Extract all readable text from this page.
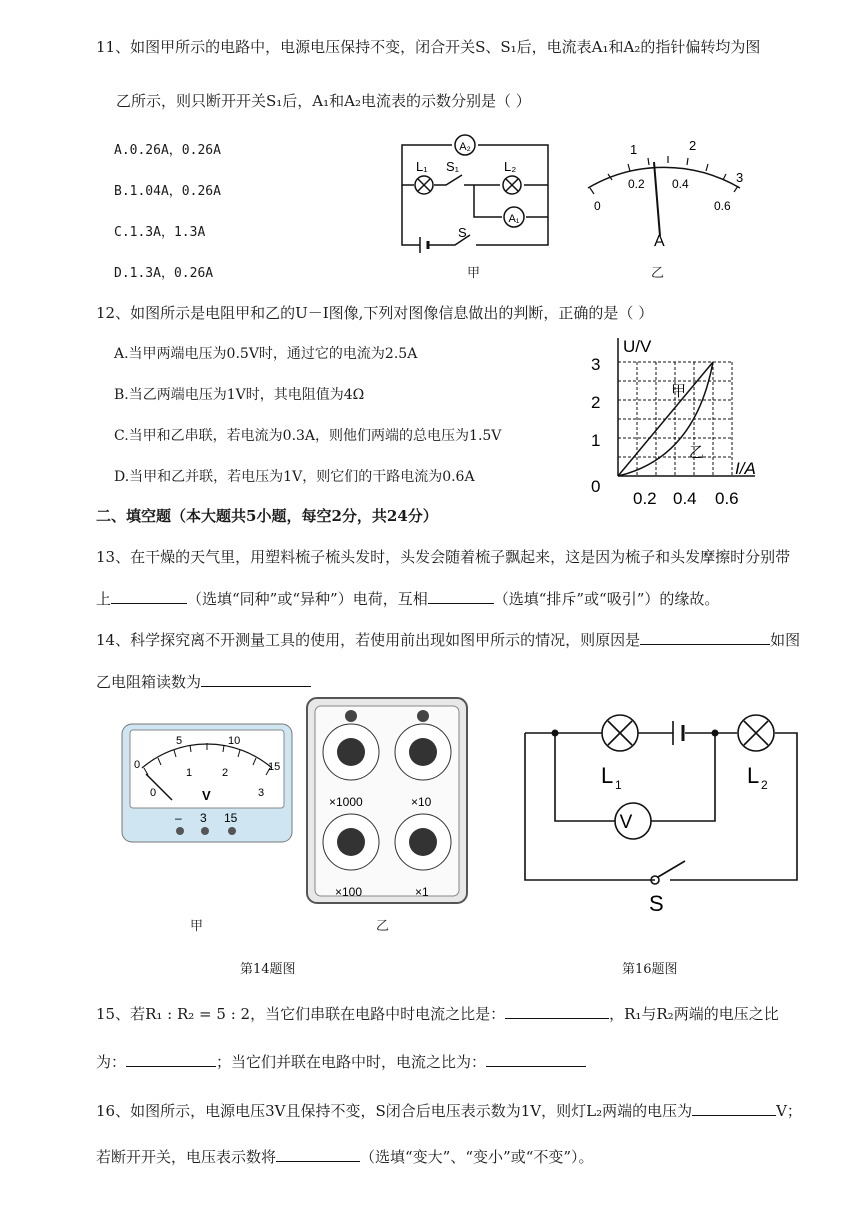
11、如图甲所示的电路中，电源电压保持不变，闭合开关S、S₁后，电流表A₁和A₂的指针偏转均为图
乙所示，则只断开开关S₁后，A₁和A₂电流表的示数分别是（ ）
A.0.26A，0.26A
B.1.04A，0.26A
C.1.3A，1.3A
D.1.3A，0.26A
A₂
A₁
L₁	L₂
S₁
S
甲
1	2
3
0
0.2 0.4
0.6
A
乙
12、如图所示是电阻甲和乙的U－I图像,下列对图像信息做出的判断，正确的是（ ）
A.当甲两端电压为0.5V时，通过它的电流为2.5A
B.当乙两端电压为1V时，其电阻值为4Ω
C.当甲和乙串联，若电流为0.3A，则他们两端的总电压为1.5V
D.当甲和乙并联，若电压为1V，则它们的干路电流为0.6A
U/V
I/A
3
2
1
0
0.2 0.4 0.6
甲
乙
二、填空题（本大题共5小题，每空2分，共24分）
13、在干燥的天气里，用塑料梳子梳头发时，头发会随着梳子飘起来，这是因为梳子和头发摩擦时分别带
上	（选填“同种”或“异种”）电荷，互相	（选填“排斥”或“吸引”）的缘故。
14、科学探究离不开测量工具的使用，若使用前出现如图甲所示的情况，则原因是	如图
乙电阻箱读数为
5	10
15
0
0
1	2
3
V
– 3 15
×1000	×10
×100	×1
甲	乙
第14题图
V
L 1	L 2
S
第16题图
15、若R₁ : R₂ = 5 : 2，当它们串联在电路中时电流之比是：	，R₁与R₂两端的电压之比
为：	；当它们并联在电路中时，电流之比为：
16、如图所示，电源电压3V且保持不变，S闭合后电压表示数为1V，则灯L₂两端的电压为	V；
若断开开关，电压表示数将	（选填“变大”、“变小”或“不变”）。
